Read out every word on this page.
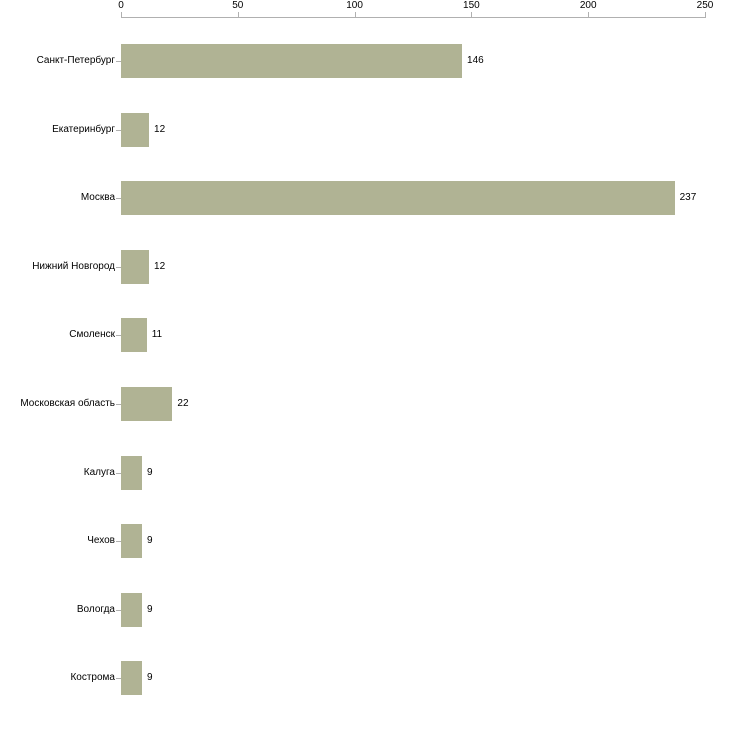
0	50	100	150	200	250
Санкт-Петербург
Екатеринбург
Москва
Нижний Новгород
Смоленск
Московская область
Калуга
Чехов
Вологда
Кострома
146
12
237
12
11
22
9
9
9
9
